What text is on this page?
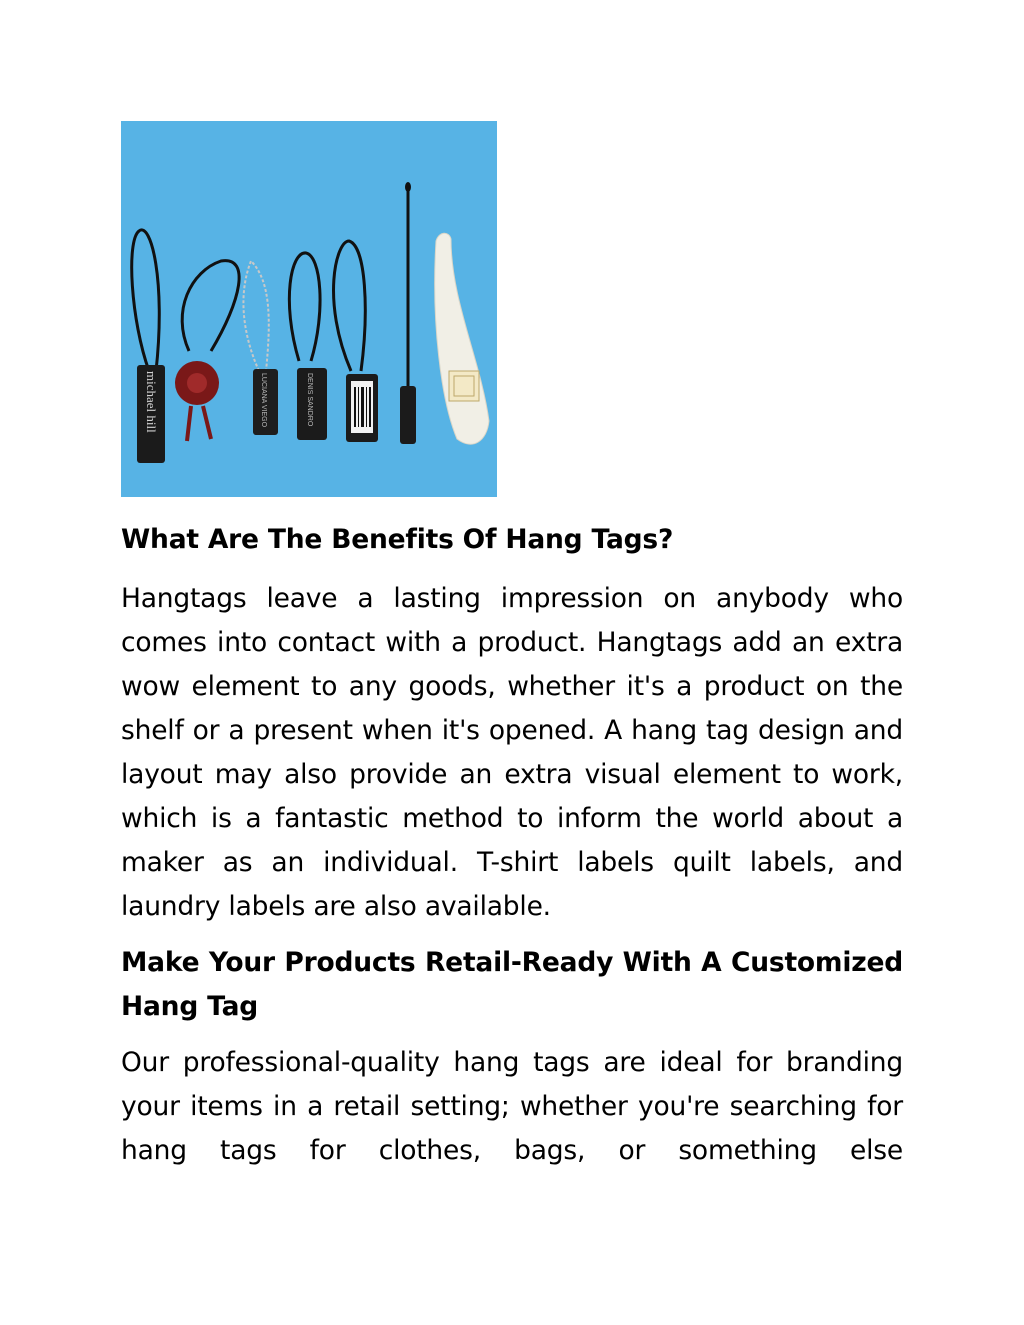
michael hill	LUCIANA VIEGO	DENIS SANDRO
What Are The Benefits Of Hang Tags?

Hangtags leave a lasting impression on anybody who comes into contact with a product. Hangtags add an extra wow element to any goods, whether it's a product on the shelf or a present when it's opened. A hang tag design and layout may also provide an extra visual element to work, which is a fantastic method to inform the world about a maker as an individual. T-shirt labels quilt labels, and laundry labels are also available.

Make Your Products Retail-Ready With A Customized Hang Tag

Our professional-quality hang tags are ideal for branding your items in a retail setting; whether you're searching for hang tags for clothes, bags, or something else
